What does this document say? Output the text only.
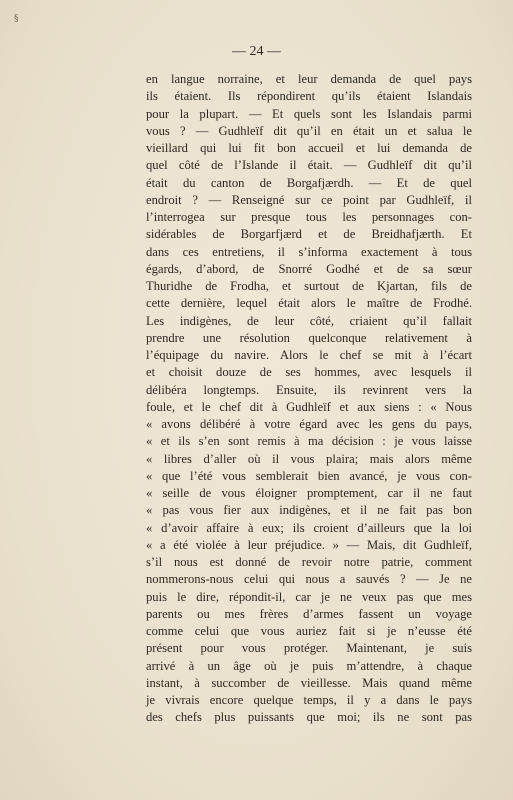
§
— 24 —
en langue norraine, et leur demanda de quel pays
ils étaient. Ils répondirent qu’ils étaient Islandais
pour la plupart. — Et quels sont les Islandais parmi
vous ? — Gudhleïf dit qu’il en était un et salua le
vieillard qui lui fit bon accueil et lui demanda de
quel côté de l’Islande il était. — Gudhleïf dit qu’il
était du canton de Borgafjærdh. — Et de quel
endroit ? — Renseigné sur ce point par Gudhleïf, il
l’interrogea sur presque tous les personnages con-
sidérables de Borgarfjærd et de Breidhafjærth. Et
dans ces entretiens, il s’informa exactement à tous
égards, d’abord, de Snorré Godhé et de sa sœur
Thuridhe de Frodha, et surtout de Kjartan, fils de
cette dernière, lequel était alors le maître de Frodhé.
Les indigènes, de leur côté, criaient qu’il fallait
prendre une résolution quelconque relativement à
l’équipage du navire. Alors le chef se mit à l’écart
et choisit douze de ses hommes, avec lesquels il
délibéra longtemps. Ensuite, ils revinrent vers la
foule, et le chef dit à Gudhleïf et aux siens : « Nous
« avons délibéré à votre égard avec les gens du pays,
« et ils s’en sont remis à ma décision : je vous laisse
« libres d’aller où il vous plaira; mais alors même
« que l’été vous semblerait bien avancé, je vous con-
« seille de vous éloigner promptement, car il ne faut
« pas vous fier aux indigènes, et il ne fait pas bon
« d’avoir affaire à eux; ils croient d’ailleurs que la loi
« a été violée à leur préjudice. » — Mais, dit Gudhleïf,
s’il nous est donné de revoir notre patrie, comment
nommerons-nous celui qui nous a sauvés ? — Je ne
puis le dire, répondit-il, car je ne veux pas que mes
parents ou mes frères d’armes fassent un voyage
comme celui que vous auriez fait si je n’eusse été
présent pour vous protéger. Maintenant, je suis
arrivé à un âge où je puis m’attendre, à chaque
instant, à succomber de vieillesse. Mais quand même
je vivrais encore quelque temps, il y a dans le pays
des chefs plus puissants que moi; ils ne sont pas
